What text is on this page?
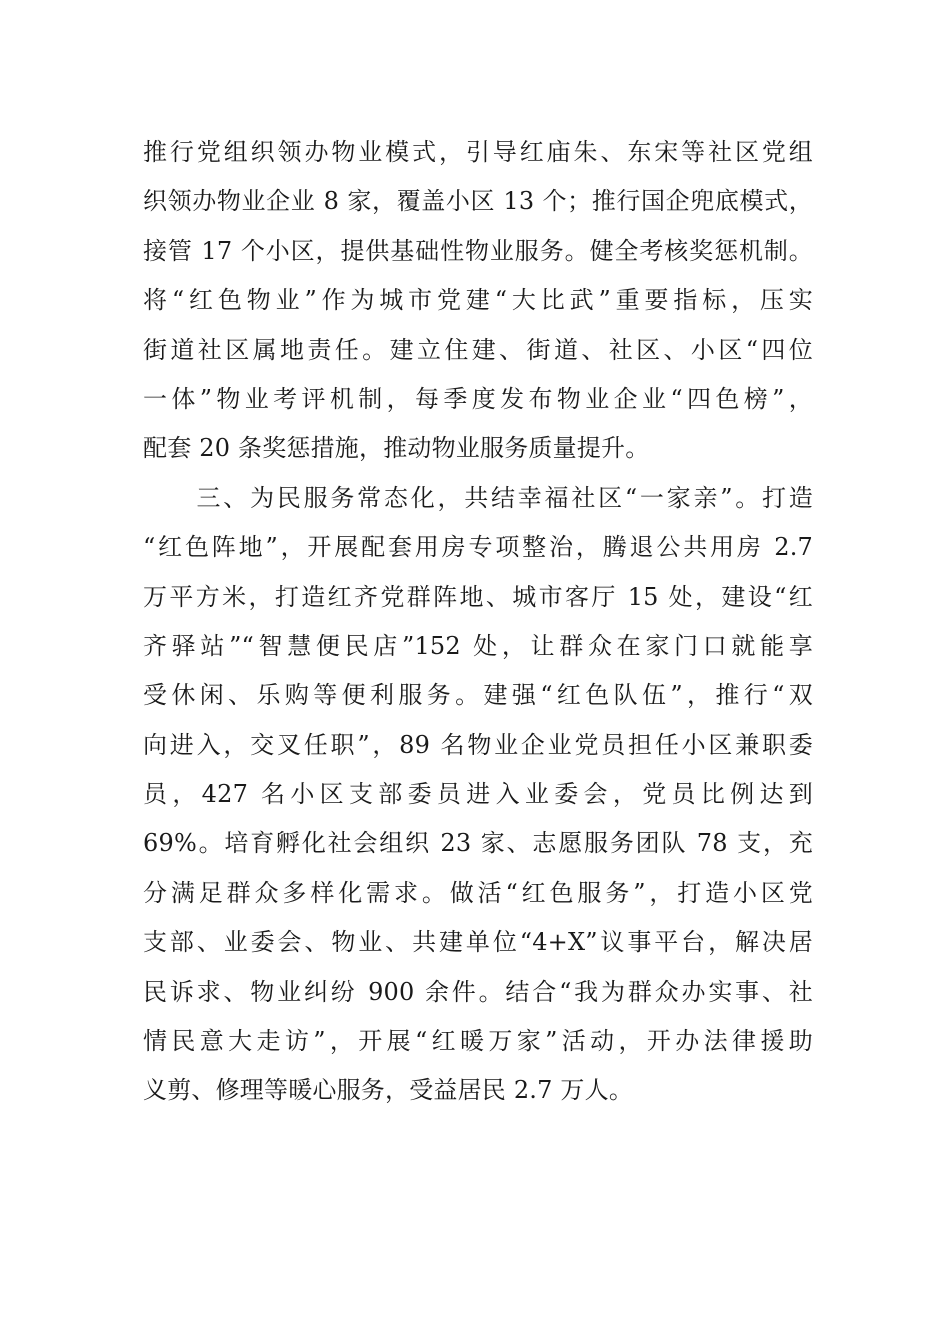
推行党组织领办物业模式，引导红庙朱、东宋等社区党组
织领办物业企业 8 家，覆盖小区 13 个；推行国企兜底模式，
接管 17 个小区，提供基础性物业服务。健全考核奖惩机制。
将“红色物业”作为城市党建“大比武”重要指标，压实
街道社区属地责任。建立住建、街道、社区、小区“四位
一体”物业考评机制，每季度发布物业企业“四色榜”，
配套 20 条奖惩措施，推动物业服务质量提升。
　　三、为民服务常态化，共结幸福社区“一家亲”。打造
“红色阵地”，开展配套用房专项整治，腾退公共用房 2.7
万平方米，打造红齐党群阵地、城市客厅 15 处，建设“红
齐驿站”“智慧便民店”152 处，让群众在家门口就能享
受休闲、乐购等便利服务。建强“红色队伍”，推行“双
向进入，交叉任职”，89 名物业企业党员担任小区兼职委
员，427 名小区支部委员进入业委会，党员比例达到
69%。培育孵化社会组织 23 家、志愿服务团队 78 支，充
分满足群众多样化需求。做活“红色服务”，打造小区党
支部、业委会、物业、共建单位“4+X”议事平台，解决居
民诉求、物业纠纷 900 余件。结合“我为群众办实事、社
情民意大走访”，开展“红暖万家”活动，开办法律援助
义剪、修理等暖心服务，受益居民 2.7 万人。
